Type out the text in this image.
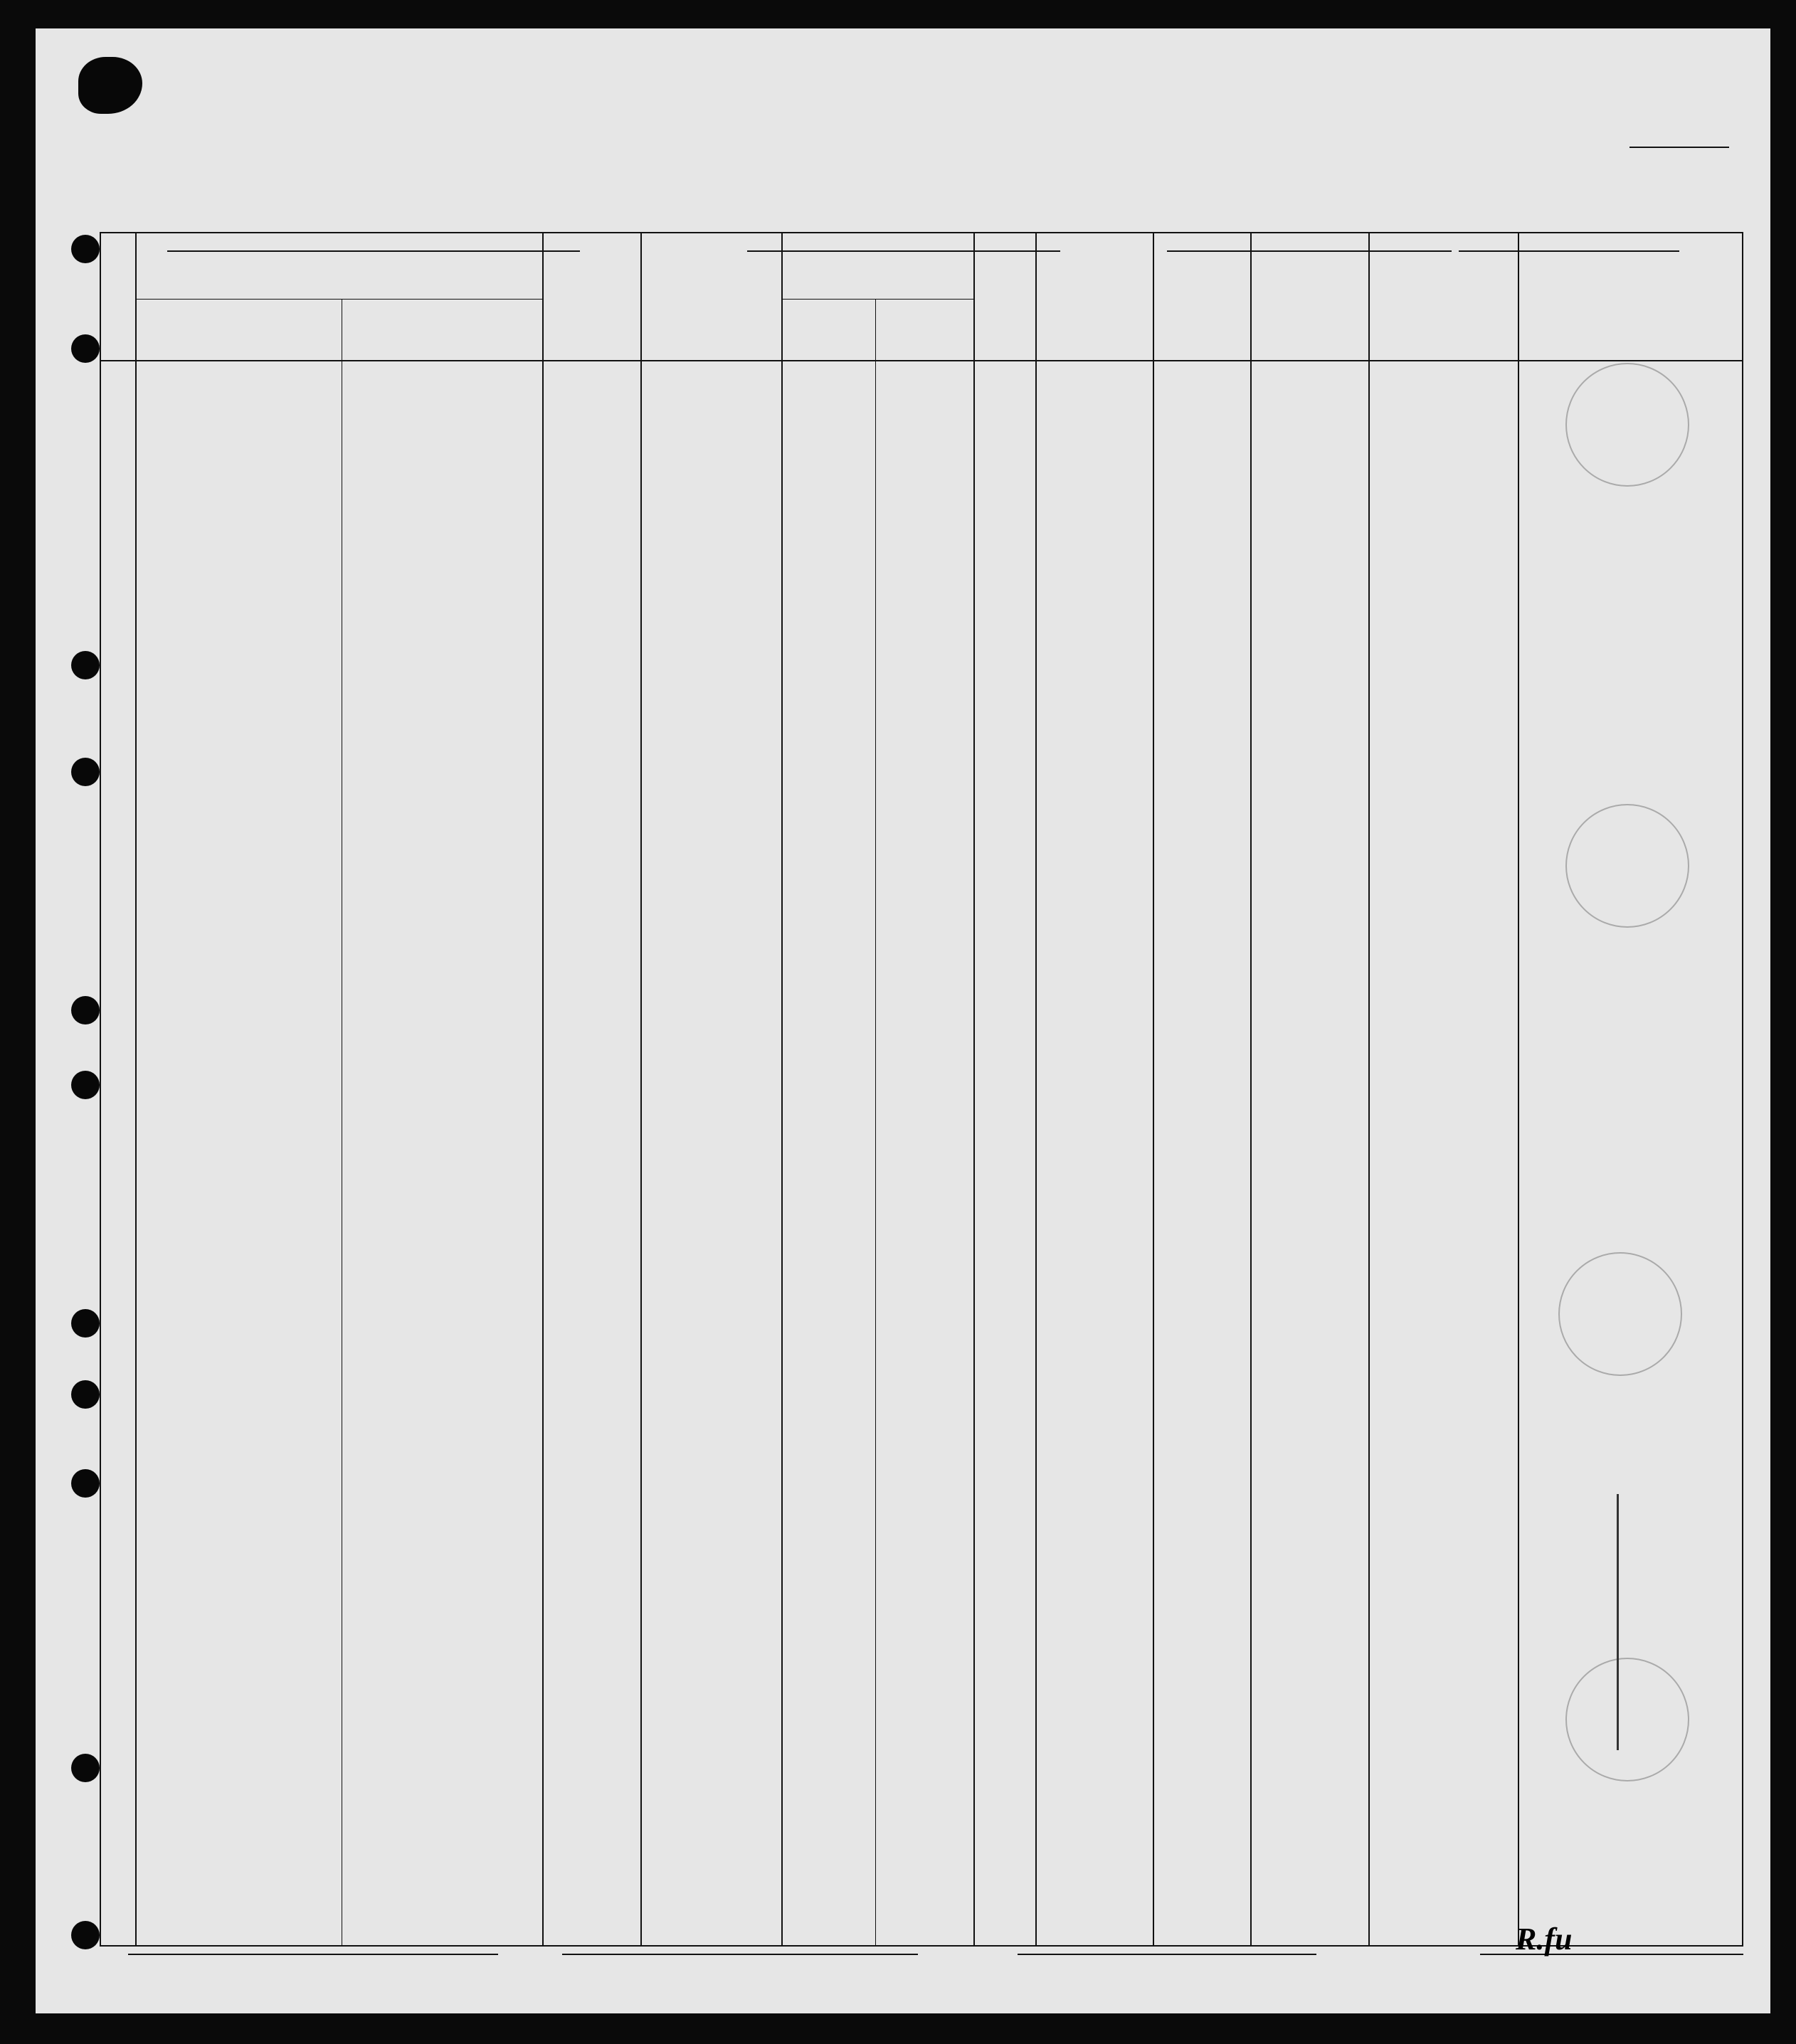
R.fu
